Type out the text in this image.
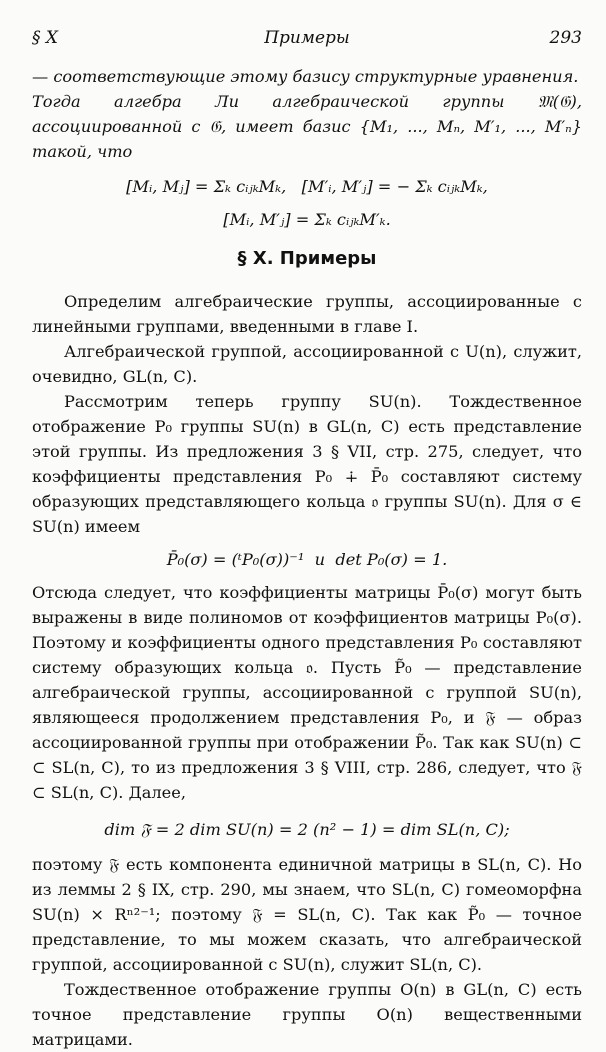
§ X	Примеры	293

— соответствующие этому базису структурные уравнения.

Тогда алгебра Ли алгебраической группы 𝔐(𝔊), ассоциированной с 𝔊, имеет базис {M₁, ..., Mₙ, M′₁, ..., M′ₙ} такой, что

[Mᵢ, Mⱼ] = Σₖ cᵢⱼₖMₖ,   [M′ᵢ, M′ⱼ] = − Σₖ cᵢⱼₖMₖ,
[Mᵢ, M′ⱼ] = Σₖ cᵢⱼₖM′ₖ.
§ X. Примеры

Определим алгебраические группы, ассоциированные с линейными группами, введенными в главе I.

Алгебраической группой, ассоциированной с U(n), служит, очевидно, GL(n, C).

Рассмотрим теперь группу SU(n). Тождественное отображение P₀ группы SU(n) в GL(n, C) есть представление этой группы. Из предложения 3 § VII, стр. 275, следует, что коэффициенты представления P₀ ∔ P̄₀ составляют систему образующих представляющего кольца 𝔬 группы SU(n). Для σ ∈ SU(n) имеем

P̄₀(σ) = (ᵗP₀(σ))⁻¹  и  det P₀(σ) = 1.

Отсюда следует, что коэффициенты матрицы P̄₀(σ) могут быть выражены в виде полиномов от коэффициентов матрицы P₀(σ). Поэтому и коэффициенты одного представления P₀ составляют систему образующих кольца 𝔬. Пусть P̃₀ — представление алгебраической группы, ассоциированной с группой SU(n), являющееся продолжением представления P₀, и 𝔉 — образ ассоциированной группы при отображении P̃₀. Так как SU(n) ⊂ ⊂ SL(n, C), то из предложения 3 § VIII, стр. 286, следует, что 𝔉 ⊂ SL(n, C). Далее,

dim 𝔉 = 2 dim SU(n) = 2 (n² − 1) = dim SL(n, C);

поэтому 𝔉 есть компонента единичной матрицы в SL(n, C). Но из леммы 2 § IX, стр. 290, мы знаем, что SL(n, C) гомеоморфна SU(n) × Rⁿ²⁻¹; поэтому 𝔉 = SL(n, C). Так как P̃₀ — точное представление, то мы можем сказать, что алгебраической группой, ассоциированной с SU(n), служит SL(n, C).

Тождественное отображение группы O(n) в GL(n, C) есть точное представление группы O(n) вещественными матрицами.
